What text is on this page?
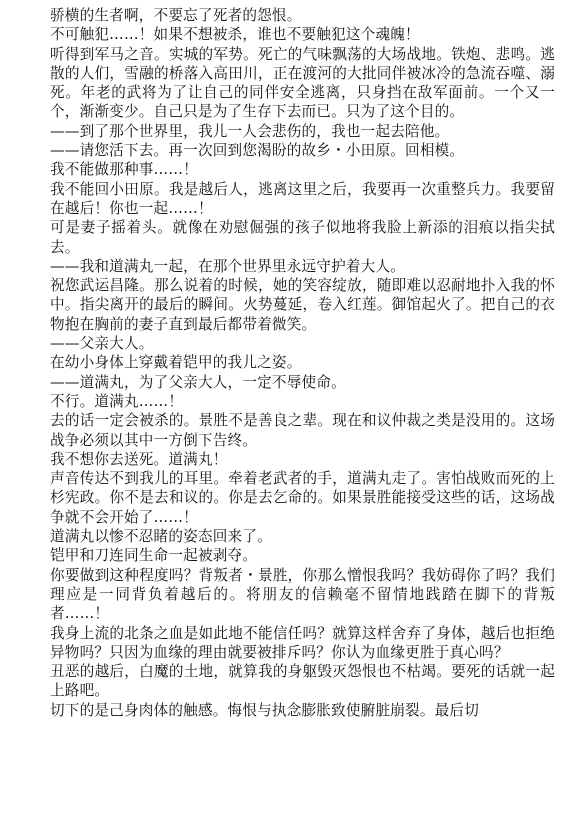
骄横的生者啊，不要忘了死者的怨恨。

不可触犯……！如果不想被杀，谁也不要触犯这个魂魄！

听得到军马之音。实城的军势。死亡的气味飘荡的大场战地。铁炮、悲鸣。逃散的人们，雪融的桥落入高田川，正在渡河的大批同伴被冰冷的急流吞噬、溺死。年老的武将为了让自己的同伴安全逃离，只身挡在敌军面前。一个又一个，渐渐变少。自己只是为了生存下去而已。只为了这个目的。

——到了那个世界里，我儿一人会悲伤的，我也一起去陪他。

——请您活下去。再一次回到您渴盼的故乡・小田原。回相模。

我不能做那种事……！

我不能回小田原。我是越后人，逃离这里之后，我要再一次重整兵力。我要留在越后！你也一起……！

可是妻子摇着头。就像在劝慰倔强的孩子似地将我脸上新添的泪痕以指尖拭去。

——我和道满丸一起，在那个世界里永远守护着大人。

祝您武运昌隆。那么说着的时候，她的笑容绽放，随即难以忍耐地扑入我的怀中。指尖离开的最后的瞬间。火势蔓延，卷入红莲。御馆起火了。把自己的衣物抱在胸前的妻子直到最后都带着微笑。

——父亲大人。

在幼小身体上穿戴着铠甲的我儿之姿。

——道满丸，为了父亲大人，一定不辱使命。

不行。道满丸……！

去的话一定会被杀的。景胜不是善良之辈。现在和议仲裁之类是没用的。这场战争必须以其中一方倒下告终。

我不想你去送死。道满丸！

声音传达不到我儿的耳里。牵着老武者的手，道满丸走了。害怕战败而死的上杉宪政。你不是去和议的。你是去乞命的。如果景胜能接受这些的话，这场战争就不会开始了……！

道满丸以惨不忍睹的姿态回来了。

铠甲和刀连同生命一起被剥夺。

你要做到这种程度吗？背叛者・景胜，你那么憎恨我吗？我妨碍你了吗？我们理应是一同背负着越后的。将朋友的信赖毫不留情地践踏在脚下的背叛者……！

我身上流的北条之血是如此地不能信任吗？就算这样舍弃了身体，越后也拒绝异物吗？只因为血缘的理由就要被排斥吗？你认为血缘更胜于真心吗？

丑恶的越后，白魔的土地，就算我的身躯毁灭怨恨也不枯竭。要死的话就一起上路吧。

切下的是己身肉体的触感。悔恨与执念膨胀致使腑脏崩裂。最后切
